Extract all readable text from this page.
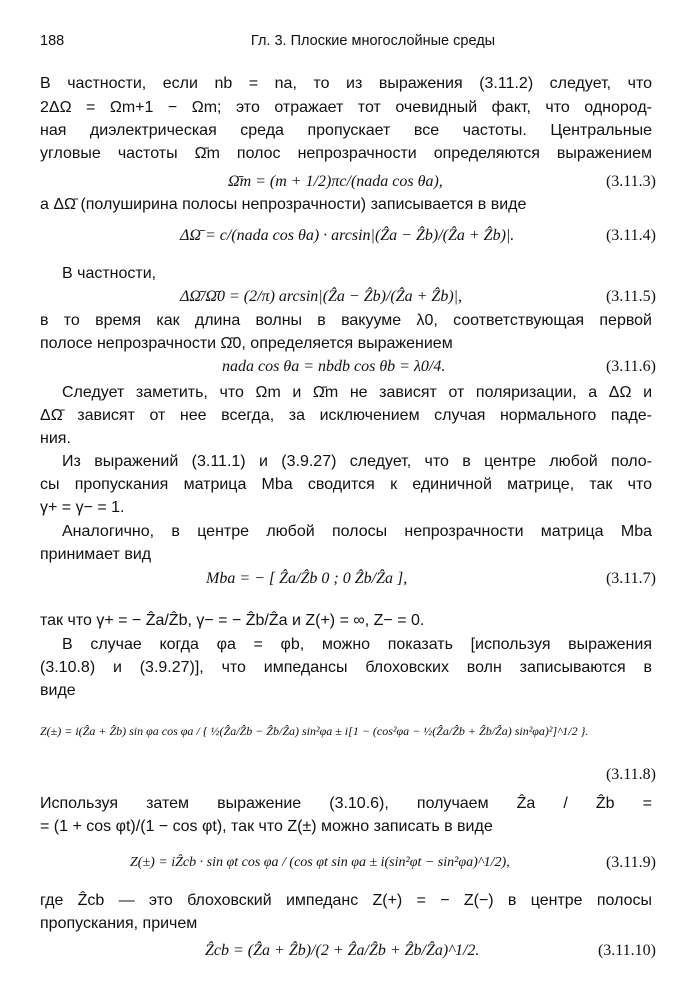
188	Гл. 3. Плоские многослойные среды
В частности, если nb = na, то из выражения (3.11.2) следует, что
2ΔΩ = Ωm+1 − Ωm; это отражает тот очевидный факт, что однород-
ная диэлектрическая среда пропускает все частоты. Центральные
угловые частоты Ω̄m полос непрозрачности определяются выражением
Ω̄m = (m + 1/2)πc/(nada cos θa),	(3.11.3)
а ΔΩ̄ (полуширина полосы непрозрачности) записывается в виде
ΔΩ̄ = c/(nada cos θa) · arcsin|(Ẑa − Ẑb)/(Ẑa + Ẑb)|.	(3.11.4)
В частности,
ΔΩ̄/Ω̄0 = (2/π) arcsin|(Ẑa − Ẑb)/(Ẑa + Ẑb)|,	(3.11.5)
в то время как длина волны в вакууме λ0, соответствующая первой
полосе непрозрачности Ω̄0, определяется выражением
nada cos θa = nbdb cos θb = λ0/4.	(3.11.6)
Следует заметить, что Ωm и Ω̄m не зависят от поляризации, а ΔΩ и
ΔΩ̄ зависят от нее всегда, за исключением случая нормального паде-
ния.
Из выражений (3.11.1) и (3.9.27) следует, что в центре любой поло-
сы пропускания матрица Mba сводится к единичной матрице, так что
γ+ = γ− = 1.
Аналогично, в центре любой полосы непрозрачности матрица Mba
принимает вид
Mba = − [ Ẑa/Ẑb 0 ; 0 Ẑb/Ẑa ],	(3.11.7)
так что γ+ = − Ẑa/Ẑb, γ− = − Ẑb/Ẑa и Z(+) = ∞, Z− = 0.
В случае когда φa = φb, можно показать [используя выражения
(3.10.8) и (3.9.27)], что импедансы блоховских волн записываются в
виде
Z(±) = i(Ẑa + Ẑb) sin φa cos φa / { ½(Ẑa/Ẑb − Ẑb/Ẑa) sin²φa ± i[1 − (cos²φa − ½(Ẑa/Ẑb + Ẑb/Ẑa) sin²φa)²]^1/2 }.
(3.11.8)
Используя затем выражение (3.10.6), получаем Ẑa / Ẑb =
= (1 + cos φt)/(1 − cos φt), так что Z(±) можно записать в виде
Z(±) = iẐcb · sin φt cos φa / (cos φt sin φa ± i(sin²φt − sin²φa)^1/2),	(3.11.9)
где Ẑcb — это блоховский импеданс Z(+) = − Z(−) в центре полосы
пропускания, причем
Ẑcb = (Ẑa + Ẑb)/(2 + Ẑa/Ẑb + Ẑb/Ẑa)^1/2.	(3.11.10)
